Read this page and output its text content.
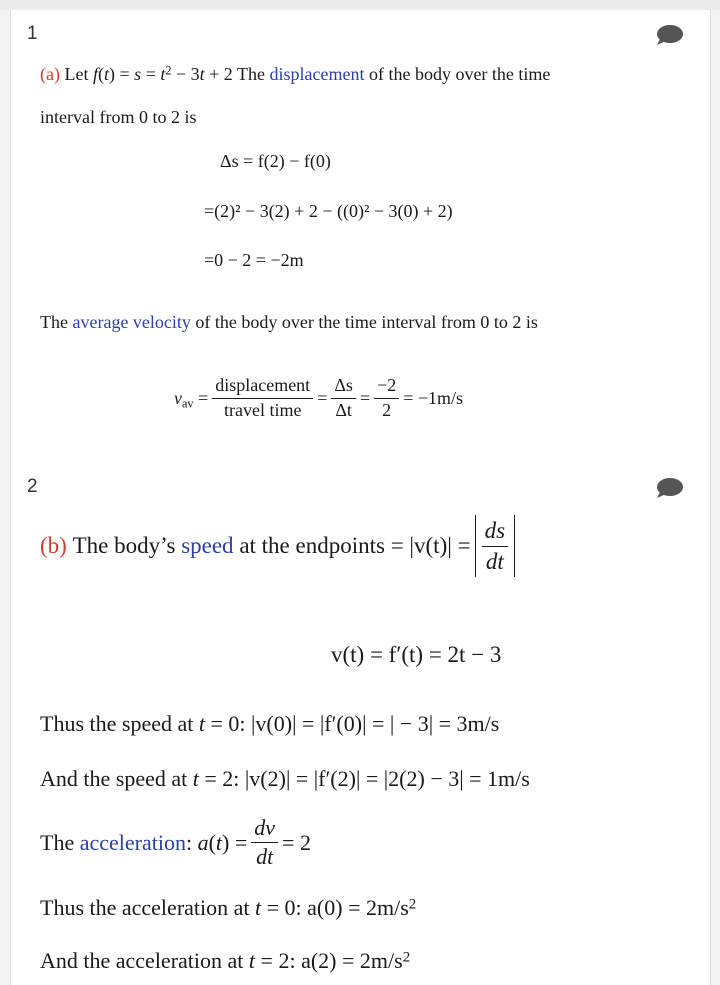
1
(a) Let $f(t) = s = t^2 - 3t + 2$ The displacement of the body over the time
interval from 0 to 2 is
Δs = f(2) − f(0)
=(2)² − 3(2) + 2 − ((0)² − 3(0) + 2)
=0 − 2 = −2m
The average velocity of the body over the time interval from 0 to 2 is
$v_{av} = \frac{\text{displacement}}{\text{travel time}} = \frac{\Delta s}{\Delta t} = \frac{-2}{2} = -1m/s$
2
(b)
The body’s
speed
at the endpoints = $|v(t)| = \frac{ds}{dt}$
v(t) = f′(t) = 2t − 3
Thus the speed at t = 0: |v(0)| = |f′(0)| = | − 3| = 3m/s
And the speed at t = 2: |v(2)| = |f′(2)| = |2(2) − 3| = 1m/s
The
acceleration : $a(t) = \frac{dv}{dt} = 2$
Thus the acceleration at t = 0: $a(0) = 2m/s^2$
And the acceleration at t = 2: $a(2) = 2m/s^2$
